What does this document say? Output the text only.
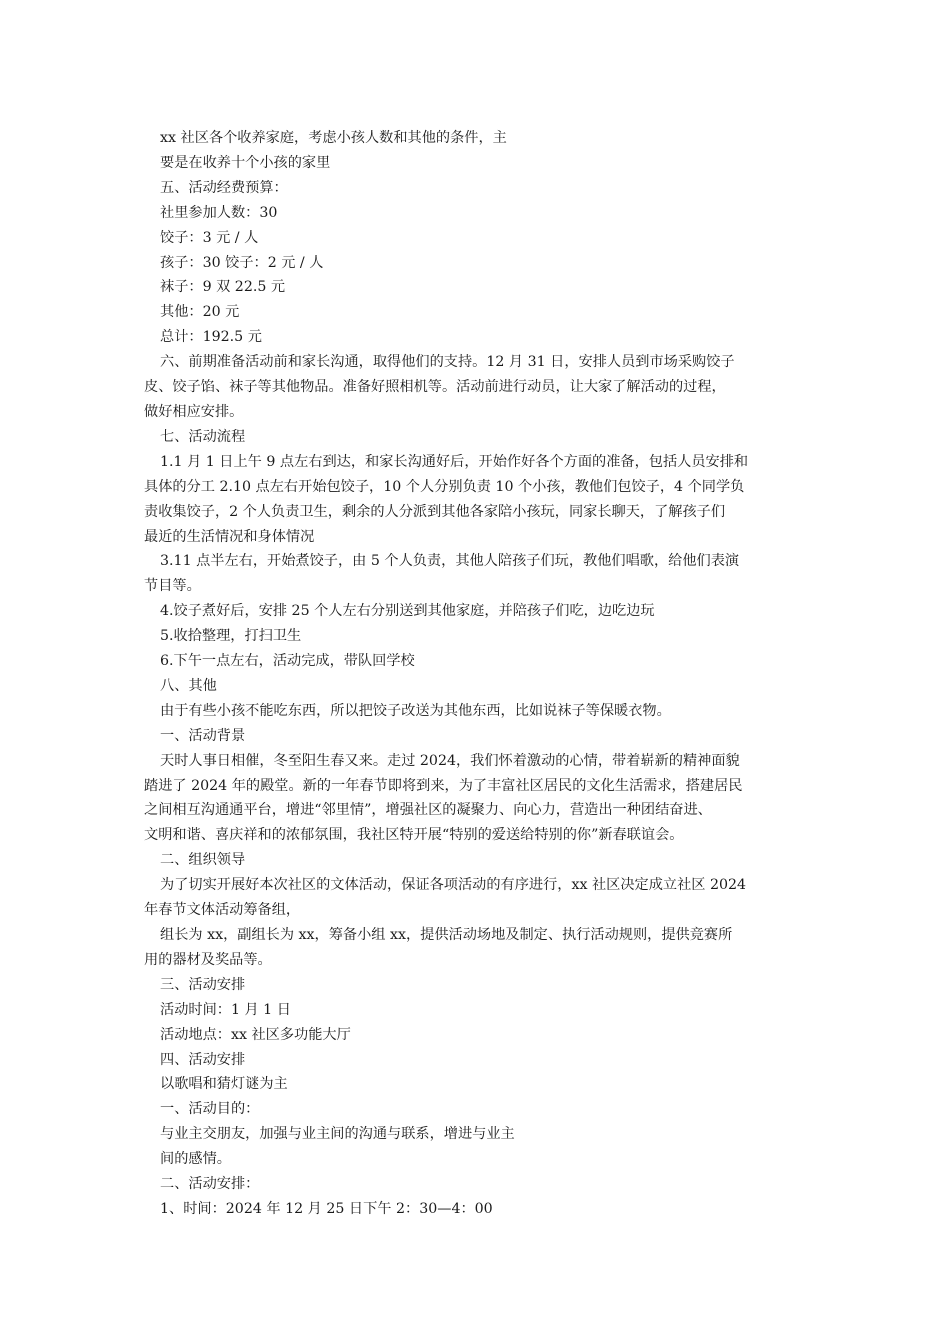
xx 社区各个收养家庭，考虑小孩人数和其他的条件，主
要是在收养十个小孩的家里
五、活动经费预算：
社里参加人数：30
饺子：3 元 / 人
孩子：30 饺子：2 元 / 人
袜子：9 双 22.5 元
其他：20 元
总计：192.5 元
六、前期准备活动前和家长沟通，取得他们的支持。12 月 31 日，安排人员到市场采购饺子
皮、饺子馅、袜子等其他物品。准备好照相机等。活动前进行动员，让大家了解活动的过程，
做好相应安排。
七、活动流程
1.1 月 1 日上午 9 点左右到达，和家长沟通好后，开始作好各个方面的准备，包括人员安排和
具体的分工 2.10 点左右开始包饺子，10 个人分别负责 10 个小孩，教他们包饺子，4 个同学负
责收集饺子，2 个人负责卫生，剩余的人分派到其他各家陪小孩玩，同家长聊天，了解孩子们
最近的生活情况和身体情况
3.11 点半左右，开始煮饺子，由 5 个人负责，其他人陪孩子们玩，教他们唱歌，给他们表演
节目等。
4.饺子煮好后，安排 25 个人左右分别送到其他家庭，并陪孩子们吃，边吃边玩
5.收拾整理，打扫卫生
6.下午一点左右，活动完成，带队回学校
八、其他
由于有些小孩不能吃东西，所以把饺子改送为其他东西，比如说袜子等保暖衣物。
一、活动背景
天时人事日相催，冬至阳生春又来。走过 2024，我们怀着激动的心情，带着崭新的精神面貌
踏进了 2024 年的殿堂。新的一年春节即将到来，为了丰富社区居民的文化生活需求，搭建居民
之间相互沟通通平台，增进“邻里情”，增强社区的凝聚力、向心力，营造出一种团结奋进、
文明和谐、喜庆祥和的浓郁氛围，我社区特开展“特别的爱送给特别的你”新春联谊会。
二、组织领导
为了切实开展好本次社区的文体活动，保证各项活动的有序进行，xx 社区决定成立社区 2024
年春节文体活动筹备组，
组长为 xx，副组长为 xx，筹备小组 xx，提供活动场地及制定、执行活动规则，提供竞赛所
用的器材及奖品等。
三、活动安排
活动时间：1 月 1 日
活动地点：xx 社区多功能大厅
四、活动安排
以歌唱和猜灯谜为主
一、活动目的：
与业主交朋友，加强与业主间的沟通与联系，增进与业主
间的感情。
二、活动安排：
1、时间：2024 年 12 月 25 日下午 2：30—4：00
